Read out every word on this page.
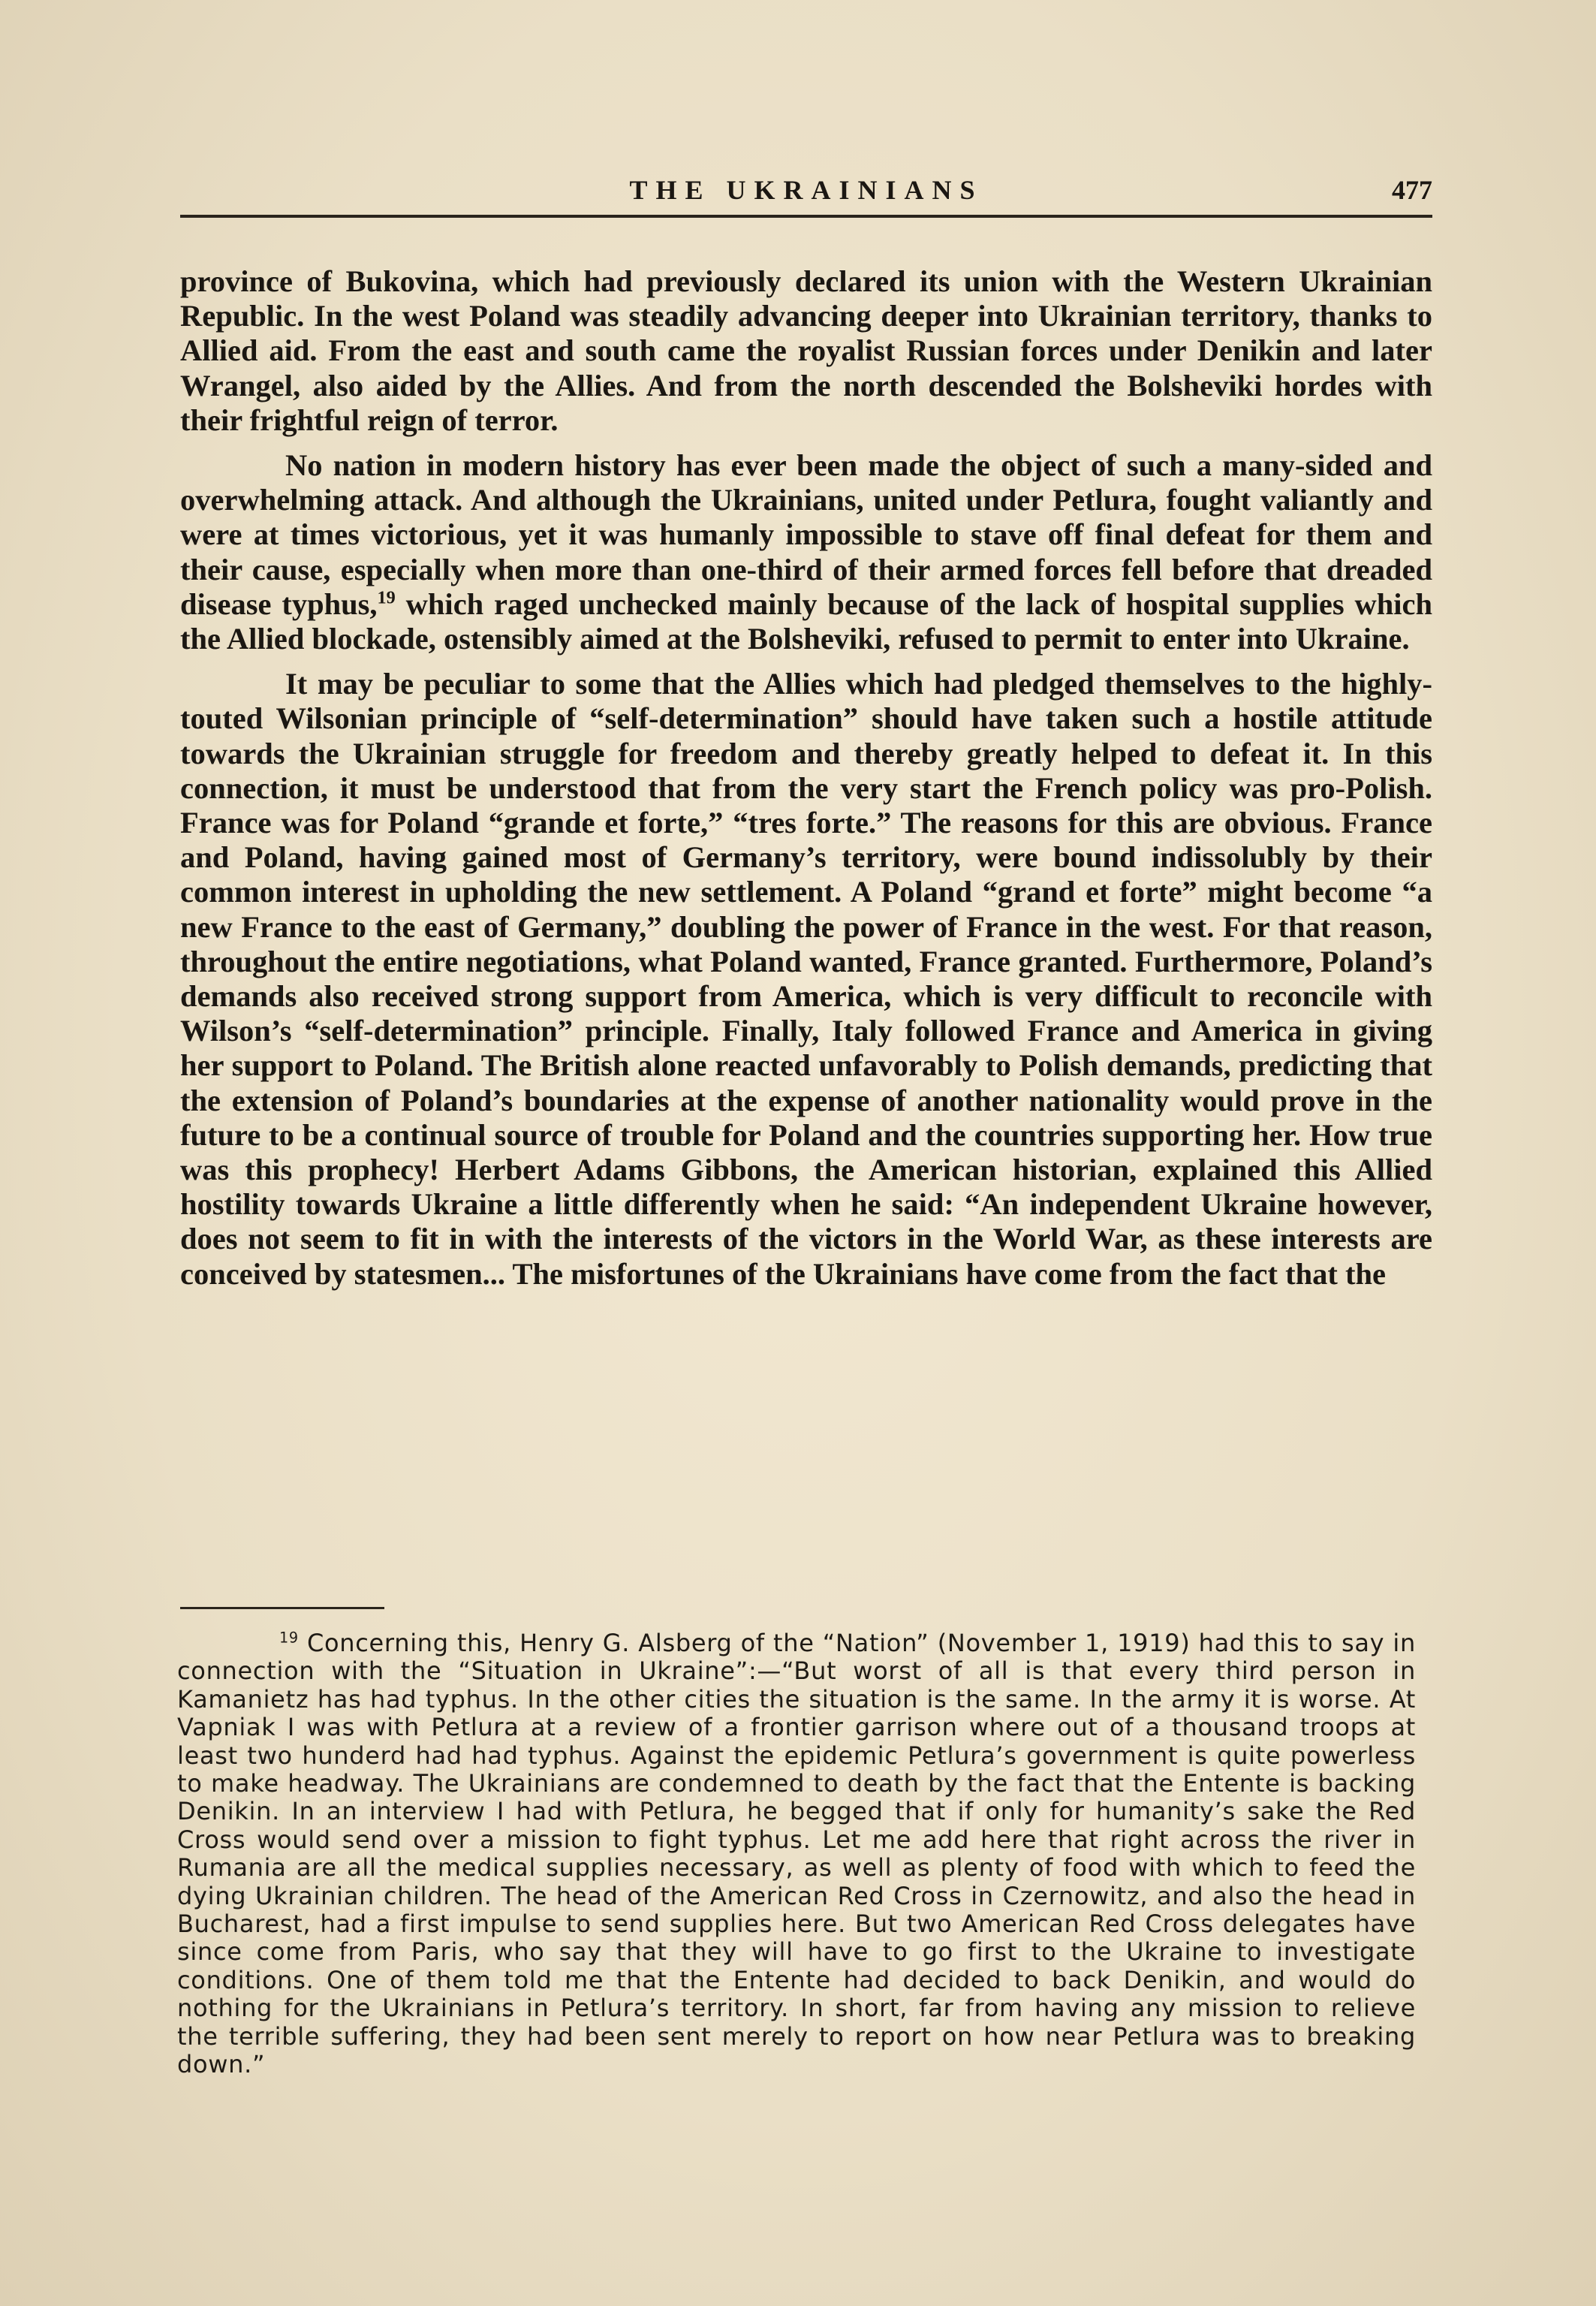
THE UKRAINIANS	477

province of Bukovina, which had previously declared its union with the Western Ukrainian Republic. In the west Poland was steadily advancing deeper into Ukrainian territory, thanks to Allied aid. From the east and south came the royalist Russian forces under Denikin and later Wrangel, also aided by the Allies. And from the north descended the Bolsheviki hordes with their frightful reign of terror.

No nation in modern history has ever been made the object of such a many-sided and overwhelming attack. And although the Ukrainians, united under Petlura, fought valiantly and were at times victorious, yet it was humanly impossible to stave off final defeat for them and their cause, especially when more than one-third of their armed forces fell before that dreaded disease typhus,$^{19}$ which raged unchecked mainly because of the lack of hospital supplies which the Allied blockade, ostensibly aimed at the Bolsheviki, refused to permit to enter into Ukraine.

It may be peculiar to some that the Allies which had pledged themselves to the highly-touted Wilsonian principle of “self-determination” should have taken such a hostile attitude towards the Ukrainian struggle for freedom and thereby greatly helped to defeat it. In this connection, it must be understood that from the very start the French policy was pro-Polish. France was for Poland “grande et forte,” “tres forte.” The reasons for this are obvious. France and Poland, having gained most of Germany’s territory, were bound indissolubly by their common interest in upholding the new settlement. A Poland “grand et forte” might become “a new France to the east of Germany,” doubling the power of France in the west. For that reason, throughout the entire negotiations, what Poland wanted, France granted. Furthermore, Poland’s demands also received strong support from America, which is very difficult to reconcile with Wilson’s “self-determination” principle. Finally, Italy followed France and America in giving her support to Poland. The British alone reacted unfavorably to Polish demands, predicting that the extension of Poland’s boundaries at the expense of another nationality would prove in the future to be a continual source of trouble for Poland and the countries supporting her. How true was this prophecy! Herbert Adams Gibbons, the American historian, explained this Allied hostility towards Ukraine a little differently when he said: “An independent Ukraine however, does not seem to fit in with the interests of the victors in the World War, as these interests are conceived by statesmen... The misfortunes of the Ukrainians have come from the fact that the

$^{19}$ Concerning this, Henry G. Alsberg of the “Nation” (November 1, 1919) had this to say in connection with the “Situation in Ukraine”:—“But worst of all is that every third person in Kamanietz has had typhus. In the other cities the situation is the same. In the army it is worse. At Vapniak I was with Petlura at a review of a frontier garrison where out of a thousand troops at least two hunderd had had typhus. Against the epidemic Petlura’s government is quite powerless to make headway. The Ukrainians are condemned to death by the fact that the Entente is backing Denikin. In an interview I had with Petlura, he begged that if only for humanity’s sake the Red Cross would send over a mission to fight typhus. Let me add here that right across the river in Rumania are all the medical supplies necessary, as well as plenty of food with which to feed the dying Ukrainian children. The head of the American Red Cross in Czernowitz, and also the head in Bucharest, had a first impulse to send supplies here. But two American Red Cross delegates have since come from Paris, who say that they will have to go first to the Ukraine to investigate conditions. One of them told me that the Entente had decided to back Denikin, and would do nothing for the Ukrainians in Petlura’s territory. In short, far from having any mission to relieve the terrible suffering, they had been sent merely to report on how near Petlura was to breaking down.”
